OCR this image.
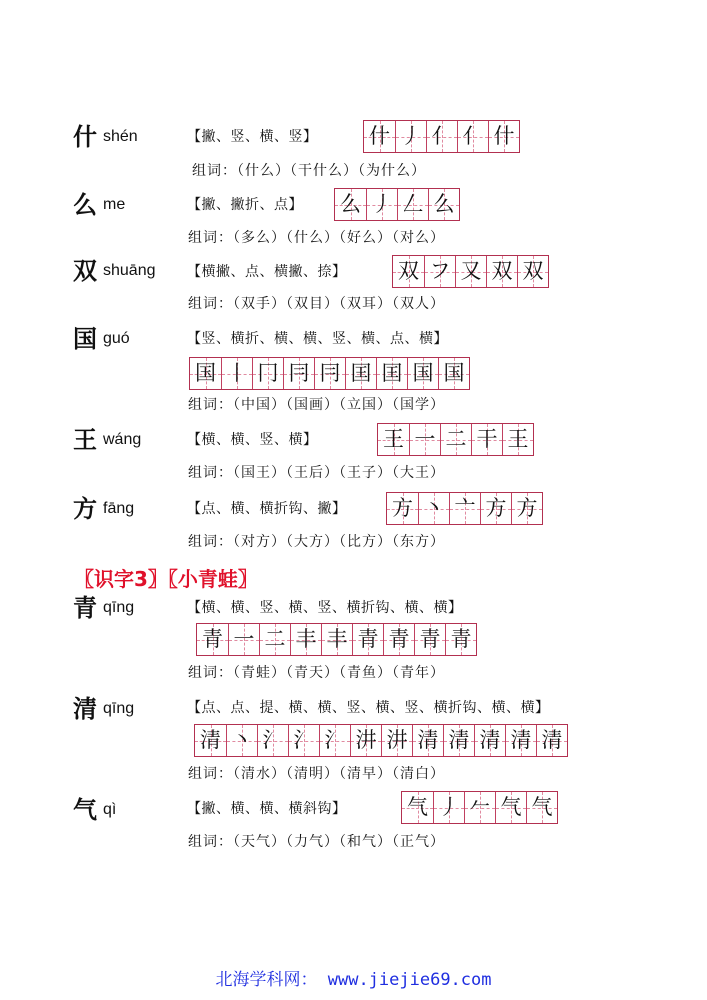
什 shén	【撇、竖、横、竖】 什 丿 亻 亻 什
组词：（什么）（干什么）（为什么）
么 me	【撇、撇折、点】 么 丿 𠃋 么
组词：（多么）（什么）（好么）（对么）
双 shuāng 【横撇、点、横撇、捺】 双 フ 又 双 双
组词：（双手）（双目）（双耳）（双人）
国 guó	【竖、横折、横、横、竖、横、点、横】
国 丨 冂 冃 冃 囯 囯 国 国
组词：（中国）（国画）（立国）（国学）
王 wáng	【横、横、竖、横】	王 一 二 干 王
组词：（国王）（王后）（王子）（大王）
方 fāng	【点、横、横折钩、撇】 方 丶 亠 方 方
组词：（对方）（大方）（比方）（东方）
〖识字3〗〖小青蛙〗
青 qīng	【横、横、竖、横、竖、横折钩、横、横】
青 一 二 丰 丰 青 青 青 青
组词：（青蛙）（青天）（青鱼）（青年）
清 qīng	【点、点、提、横、横、竖、横、竖、横折钩、横、横】
清 丶 氵 氵 氵 汫 汫 清 清 清 清 清
组词：（清水）（清明）（清早）（清白）
气 qì	【撇、横、横、横斜钩】	气 丿 𠂉 气 气
组词：（天气）（力气）（和气）（正气）
北海学科网： www.jiejie69.com
